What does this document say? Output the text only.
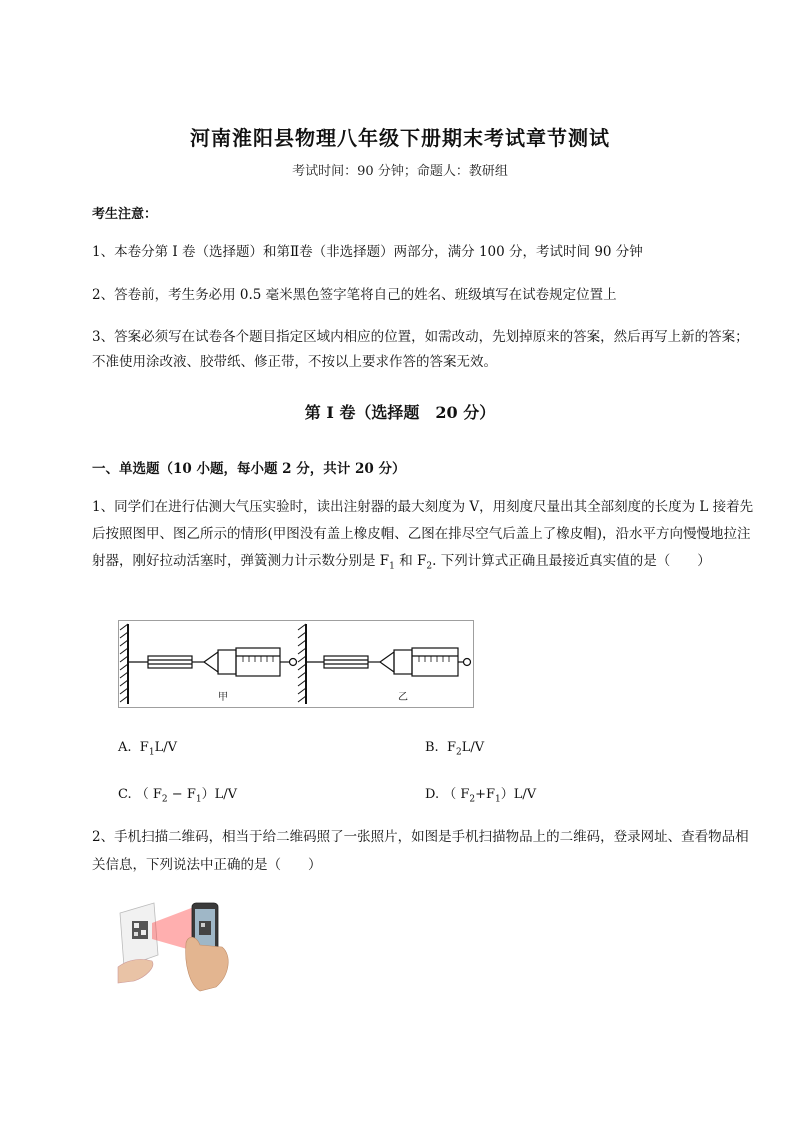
河南淮阳县物理八年级下册期末考试章节测试
考试时间：90 分钟；命题人：教研组
考生注意：
1、本卷分第 I 卷（选择题）和第Ⅱ卷（非选择题）两部分，满分 100 分，考试时间 90 分钟
2、答卷前，考生务必用 0.5 毫米黑色签字笔将自己的姓名、班级填写在试卷规定位置上
3、答案必须写在试卷各个题目指定区域内相应的位置，如需改动，先划掉原来的答案，然后再写上新的答案；不准使用涂改液、胶带纸、修正带，不按以上要求作答的答案无效。
第 I 卷（选择题　20 分）
一、单选题（10 小题，每小题 2 分，共计 20 分）
1、同学们在进行估测大气压实验时，读出注射器的最大刻度为 V，用刻度尺量出其全部刻度的长度为 L 接着先后按照图甲、图乙所示的情形(甲图没有盖上橡皮帽、乙图在排尽空气后盖上了橡皮帽)，沿水平方向慢慢地拉注射器，刚好拉动活塞时，弹簧测力计示数分别是 $F_1$ 和 $F_2$. 下列计算式正确且最接近真实值的是（　　）
甲	乙
A. $F_1L/V$	B. $F_2L/V$
C. （ $F_2 - F_1)L/V$	D. （ $F_2+F_1)L/V$
2、手机扫描二维码，相当于给二维码照了一张照片，如图是手机扫描物品上的二维码，登录网址、查看物品相关信息，下列说法中正确的是（　　）
